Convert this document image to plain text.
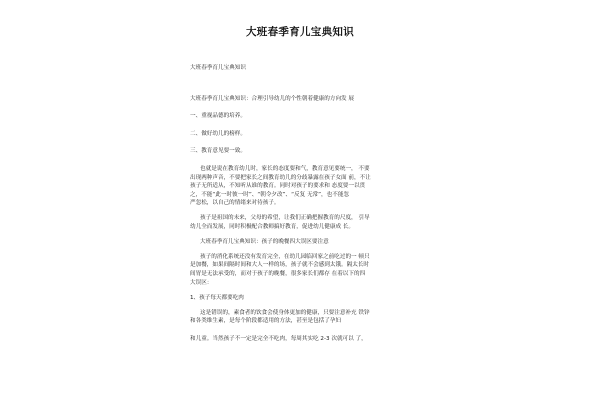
大班春季育儿宝典知识

大班春季育儿宝典知识

大班春季育儿宝典知识：合理引导幼儿的个性朝着健康的方向发 展

一、重视品德的培养。

二、做好幼儿的榜样。

三、教育意见要一致。

也就是说在教育幼儿时，家长的态度要和气，教育意见要统一， 不要

出现两种声音，不要把家长之间教育幼儿的分歧暴露在孩子女面 前，不让

孩子无所适从，不知听从谁的教育。同时对孩子的要求和 态度要一以贯

之，不能“此一时彼一时”、“朝令夕改”、“反复 无常”，也不能忽

严忽松，以自己的情绪来对待孩子。

孩子是祖国的未来，父母的希望，让我们正确把握教育的尺度， 引导

幼儿全而发展，同时积极配合教师搞好教育，促进幼儿健康成 长。

大班春季育儿宝典知识：孩子的晚餐四大误区要注意

孩子的消化系统还没有发育完全，在幼儿园临回家之前吃过的一 顿只

是加餐，如果间隔时间和大人一样的场，孩子就不会感到太饿。隔太长时

间胃是无法承受的，而对于孩子的晚餐，很多家长们都存 在着以下的四

大误区：

1、孩子每天都要吃肉

这是错误的，素食者的饮食会使身体更加的健康，只要注意补充 铁锌

和各类维生素，是每个阶段都适用的方法，甚至是包括了孕妇

和儿童。当然孩子不一定是完全不吃肉，每周其实吃 2-3 次就可以 了，
